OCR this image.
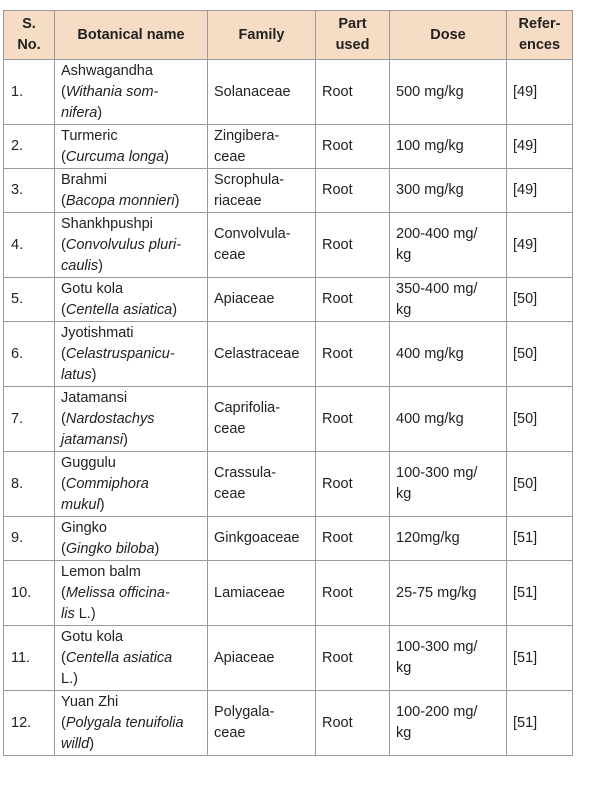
S.
No.	Botanical name	Family	Part
used	Dose	Refer-
ences
1.	Ashwagandha
(Withania som-
nifera)	Solanaceae	Root	500 mg/kg	[49]
2.	Turmeric
(Curcuma longa)	Zingibera-
ceae	Root	100 mg/kg	[49]
3.	Brahmi
(Bacopa monnieri)	Scrophula-
riaceae	Root	300 mg/kg	[49]
4.	Shankhpushpi
(Convolvulus pluri-
caulis)	Convolvula-
ceae	Root	200-400 mg/
kg	[49]
5.	Gotu kola
(Centella asiatica)	Apiaceae	Root	350-400 mg/
kg	[50]
6.	Jyotishmati
(Celastruspanicu-
latus)	Celastraceae	Root	400 mg/kg	[50]
7.	Jatamansi
(Nardostachys
jatamansi)	Caprifolia-
ceae	Root	400 mg/kg	[50]
8.	Guggulu
(Commiphora
mukul)	Crassula-
ceae	Root	100-300 mg/
kg	[50]
9.	Gingko
(Gingko biloba)	Ginkgoaceae	Root	120mg/kg	[51]
10.	Lemon balm
(Melissa officina-
lis L.)	Lamiaceae	Root	25-75 mg/kg	[51]
11.	Gotu kola
(Centella asiatica
L.)	Apiaceae	Root	100-300 mg/
kg	[51]
12.	Yuan Zhi
(Polygala tenuifolia
willd)	Polygala-
ceae	Root	100-200 mg/
kg	[51]
